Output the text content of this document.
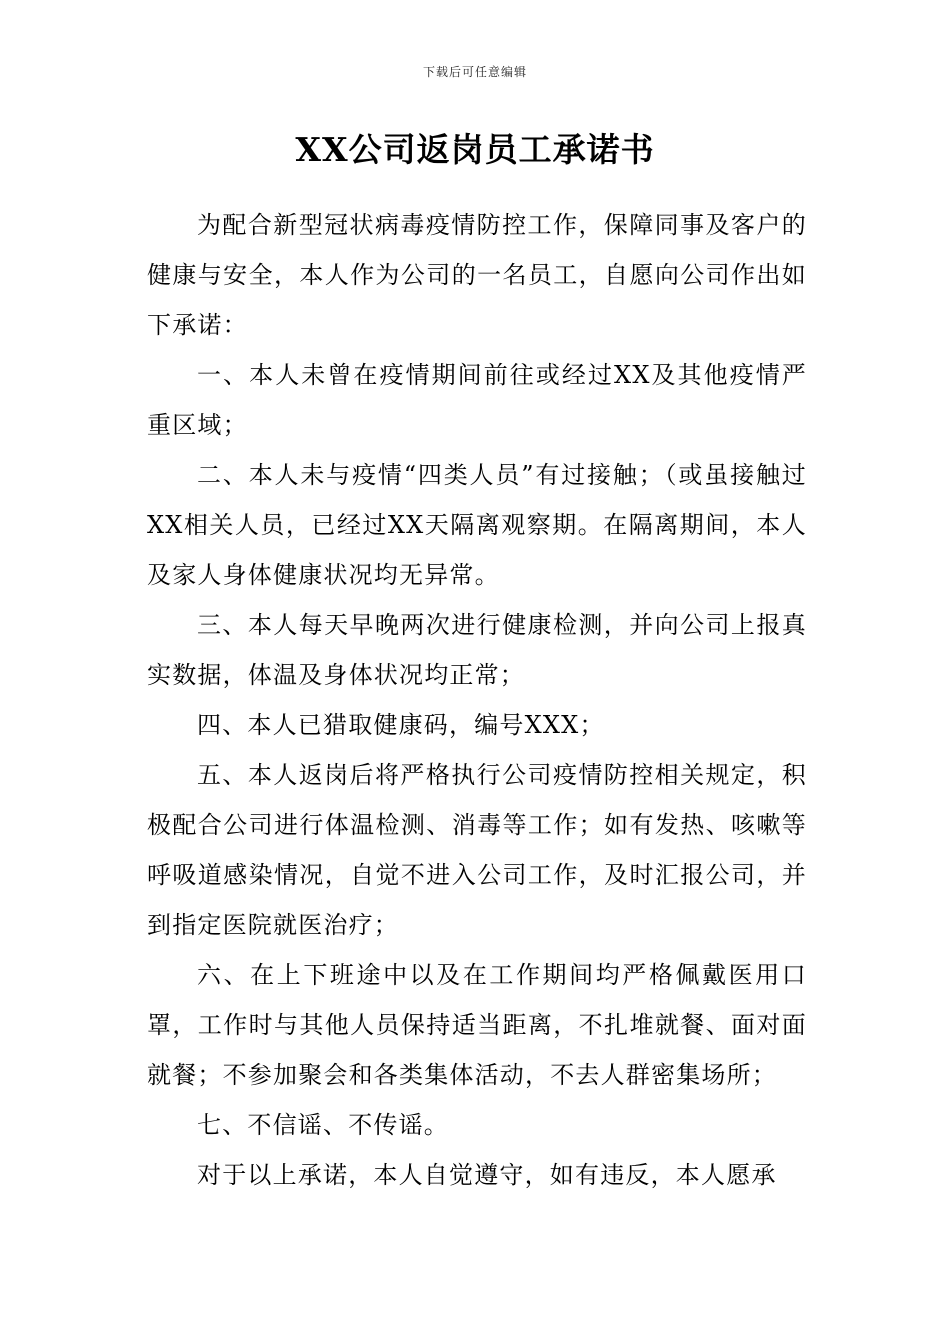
下载后可任意编辑
XX公司返岗员工承诺书

为配合新型冠状病毒疫情防控工作，保障同事及客户的健康与安全，本人作为公司的一名员工，自愿向公司作出如下承诺：

一、本人未曾在疫情期间前往或经过XX及其他疫情严重区域；

二、本人未与疫情“四类人员”有过接触；（或虽接触过XX相关人员，已经过XX天隔离观察期。在隔离期间，本人及家人身体健康状况均无异常。

三、本人每天早晚两次进行健康检测，并向公司上报真实数据，体温及身体状况均正常；

四、本人已猎取健康码，编号XXX；

五、本人返岗后将严格执行公司疫情防控相关规定，积极配合公司进行体温检测、消毒等工作；如有发热、咳嗽等呼吸道感染情况，自觉不进入公司工作，及时汇报公司，并到指定医院就医治疗；

六、在上下班途中以及在工作期间均严格佩戴医用口罩，工作时与其他人员保持适当距离，不扎堆就餐、面对面就餐；不参加聚会和各类集体活动，不去人群密集场所；

七、不信谣、不传谣。

对于以上承诺，本人自觉遵守，如有违反，本人愿承
